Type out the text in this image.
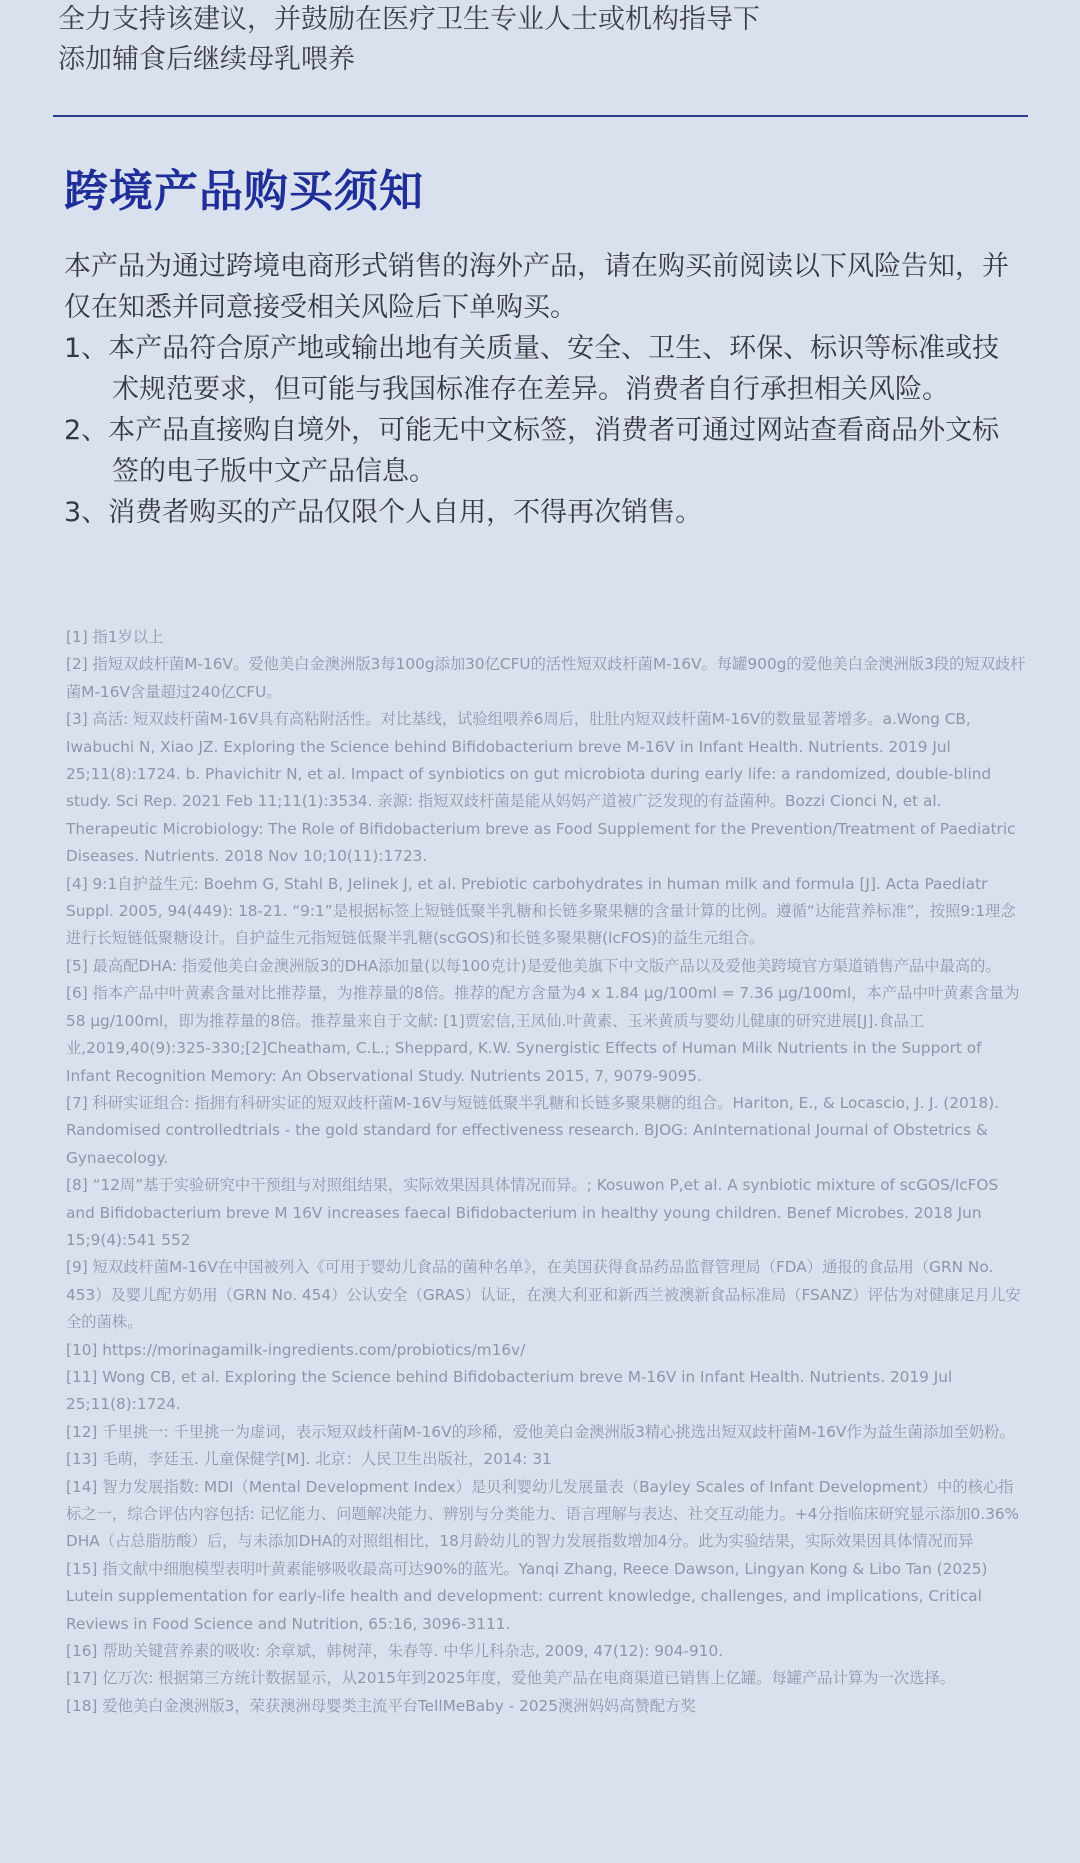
全力支持该建议，并鼓励在医疗卫生专业人士或机构指导下

添加辅食后继续母乳喂养

跨境产品购买须知

本产品为通过跨境电商形式销售的海外产品，请在购买前阅读以下风险告知，并仅在知悉并同意接受相关风险后下单购买。

1、本产品符合原产地或输出地有关质量、安全、卫生、环保、标识等标准或技术规范要求，但可能与我国标准存在差异。消费者自行承担相关风险。

2、本产品直接购自境外，可能无中文标签，消费者可通过网站查看商品外文标签的电子版中文产品信息。

3、消费者购买的产品仅限个人自用，不得再次销售。

[1] 指1岁以上

[2] 指短双歧杆菌M-16V。爱他美白金澳洲版3每100g添加30亿CFU的活性短双歧杆菌M-16V。每罐900g的爱他美白金澳洲版3段的短双歧杆菌M-16V含量超过240亿CFU。

[3] 高活: 短双歧杆菌M-16V具有高粘附活性。对比基线，试验组喂养6周后，肚肚内短双歧杆菌M-16V的数量显著增多。a.Wong CB, Iwabuchi N, Xiao JZ. Exploring the Science behind Bifidobacterium breve M-16V in Infant Health. Nutrients. 2019 Jul 25;11(8):1724. b. Phavichitr N, et al. Impact of synbiotics on gut microbiota during early life: a randomized, double-blind study. Sci Rep. 2021 Feb 11;11(1):3534. 亲源: 指短双歧杆菌是能从妈妈产道被广泛发现的有益菌种。Bozzi Cionci N, et al. Therapeutic Microbiology: The Role of Bifidobacterium breve as Food Supplement for the Prevention/Treatment of Paediatric Diseases. Nutrients. 2018 Nov 10;10(11):1723.

[4] 9:1自护益生元: Boehm G, Stahl B, Jelinek J, et al. Prebiotic carbohydrates in human milk and formula [J]. Acta Paediatr Suppl. 2005, 94(449): 18-21. “9:1”是根据标签上短链低聚半乳糖和长链多聚果糖的含量计算的比例。遵循“达能营养标准”，按照9:1理念进行长短链低聚糖设计。自护益生元指短链低聚半乳糖(scGOS)和长链多聚果糖(lcFOS)的益生元组合。

[5] 最高配DHA: 指爱他美白金澳洲版3的DHA添加量(以每100克计)是爱他美旗下中文版产品以及爱他美跨境官方渠道销售产品中最高的。

[6] 指本产品中叶黄素含量对比推荐量，为推荐量的8倍。推荐的配方含量为4 x 1.84 μg/100ml = 7.36 μg/100ml，本产品中叶黄素含量为58 μg/100ml，即为推荐量的8倍。推荐量来自于文献: [1]贾宏信,王凤仙.叶黄素、玉米黄质与婴幼儿健康的研究进展[J].食品工业,2019,40(9):325-330;[2]Cheatham, C.L.; Sheppard, K.W. Synergistic Effects of Human Milk Nutrients in the Support of Infant Recognition Memory: An Observational Study. Nutrients 2015, 7, 9079-9095.

[7] 科研实证组合: 指拥有科研实证的短双歧杆菌M-16V与短链低聚半乳糖和长链多聚果糖的组合。Hariton, E., & Locascio, J. J. (2018). Randomised controlledtrials - the gold standard for effectiveness research. BJOG: AnInternational Journal of Obstetrics & Gynaecology.

[8] “12周”基于实验研究中干预组与对照组结果，实际效果因具体情况而异。; Kosuwon P,et al. A synbiotic mixture of scGOS/lcFOS and Bifidobacterium breve M 16V increases faecal Bifidobacterium in healthy young children. Benef Microbes. 2018 Jun 15;9(4):541 552

[9] 短双歧杆菌M-16V在中国被列入《可用于婴幼儿食品的菌种名单》，在美国获得食品药品监督管理局（FDA）通报的食品用（GRN No. 453）及婴儿配方奶用（GRN No. 454）公认安全（GRAS）认证，在澳大利亚和新西兰被澳新食品标准局（FSANZ）评估为对健康足月儿安全的菌株。

[10] https://morinagamilk-ingredients.com/probiotics/m16v/

[11] Wong CB, et al. Exploring the Science behind Bifidobacterium breve M-16V in Infant Health. Nutrients. 2019 Jul 25;11(8):1724.

[12] 千里挑一: 千里挑一为虚词，表示短双歧杆菌M-16V的珍稀，爱他美白金澳洲版3精心挑选出短双歧杆菌M-16V作为益生菌添加至奶粉。

[13] 毛萌，李廷玉. 儿童保健学[M]. 北京：人民卫生出版社，2014: 31

[14] 智力发展指数: MDI（Mental Development Index）是贝利婴幼儿发展量表（Bayley Scales of Infant Development）中的核心指标之一，综合评估内容包括: 记忆能力、问题解决能力、辨别与分类能力、语言理解与表达、社交互动能力。+4分指临床研究显示添加0.36% DHA（占总脂肪酸）后，与未添加DHA的对照组相比，18月龄幼儿的智力发展指数增加4分。此为实验结果，实际效果因具体情况而异

[15] 指文献中细胞模型表明叶黄素能够吸收最高可达90%的蓝光。Yanqi Zhang, Reece Dawson, Lingyan Kong & Libo Tan (2025) Lutein supplementation for early-life health and development: current knowledge, challenges, and implications, Critical Reviews in Food Science and Nutrition, 65:16, 3096-3111.

[16] 帮助关键营养素的吸收: 余章斌，韩树萍，朱春等. 中华儿科杂志, 2009, 47(12): 904-910.

[17] 亿万次: 根据第三方统计数据显示，从2015年到2025年度，爱他美产品在电商渠道已销售上亿罐。每罐产品计算为一次选择。

[18] 爱他美白金澳洲版3，荣获澳洲母婴类主流平台TellMeBaby - 2025澳洲妈妈高赞配方奖
